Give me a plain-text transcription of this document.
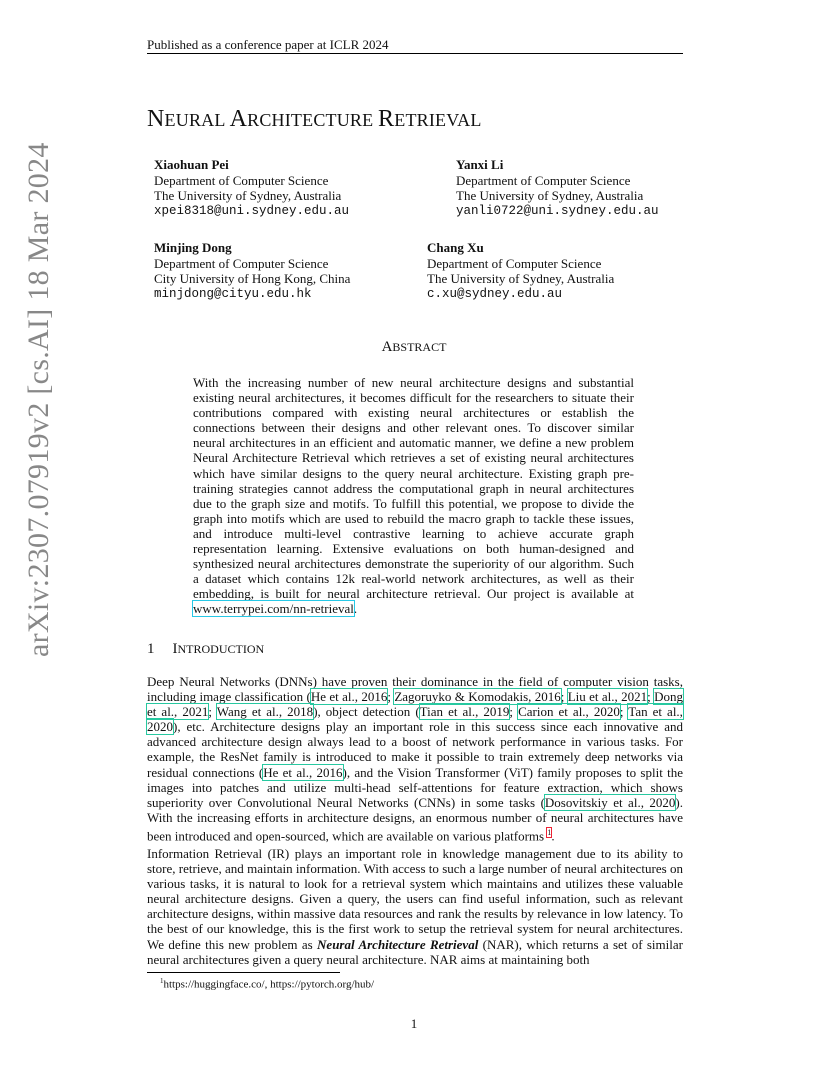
Published as a conference paper at ICLR 2024
arXiv:2307.07919v2 [cs.AI] 18 Mar 2024
NEURAL ARCHITECTURE RETRIEVAL
Xiaohuan Pei
Department of Computer Science
The University of Sydney, Australia
xpei8318@uni.sydney.edu.au
Yanxi Li
Department of Computer Science
The University of Sydney, Australia
yanli0722@uni.sydney.edu.au
Minjing Dong
Department of Computer Science
City University of Hong Kong, China
minjdong@cityu.edu.hk
Chang Xu
Department of Computer Science
The University of Sydney, Australia
c.xu@sydney.edu.au
ABSTRACT
With the increasing number of new neural architecture designs and substantial existing neural architectures, it becomes difficult for the researchers to situate their contributions compared with existing neural architectures or establish the connections between their designs and other relevant ones. To discover similar neural architectures in an efficient and automatic manner, we define a new problem Neural Architecture Retrieval which retrieves a set of existing neural architectures which have similar designs to the query neural architecture. Existing graph pre-training strategies cannot address the computational graph in neural architectures due to the graph size and motifs. To fulfill this potential, we propose to divide the graph into motifs which are used to rebuild the macro graph to tackle these issues, and introduce multi-level contrastive learning to achieve accurate graph representation learning. Extensive evaluations on both human-designed and synthesized neural architectures demonstrate the superiority of our algorithm. Such a dataset which contains 12k real-world network architectures, as well as their embedding, is built for neural architecture retrieval. Our project is available at www.terrypei.com/nn-retrieval.
1 INTRODUCTION
Deep Neural Networks (DNNs) have proven their dominance in the field of computer vision tasks, including image classification (He et al., 2016; Zagoruyko & Komodakis, 2016; Liu et al., 2021; Dong et al., 2021; Wang et al., 2018), object detection (Tian et al., 2019; Carion et al., 2020; Tan et al., 2020), etc. Architecture designs play an important role in this success since each innovative and advanced architecture design always lead to a boost of network performance in various tasks. For example, the ResNet family is introduced to make it possible to train extremely deep networks via residual connections (He et al., 2016), and the Vision Transformer (ViT) family proposes to split the images into patches and utilize multi-head self-attentions for feature extraction, which shows superiority over Convolutional Neural Networks (CNNs) in some tasks (Dosovitskiy et al., 2020). With the increasing efforts in architecture designs, an enormous number of neural architectures have been introduced and open-sourced, which are available on various platforms $^1$.
Information Retrieval (IR) plays an important role in knowledge management due to its ability to store, retrieve, and maintain information. With access to such a large number of neural architectures on various tasks, it is natural to look for a retrieval system which maintains and utilizes these valuable neural architecture designs. Given a query, the users can find useful information, such as relevant architecture designs, within massive data resources and rank the results by relevance in low latency. To the best of our knowledge, this is the first work to setup the retrieval system for neural architectures. We define this new problem as Neural Architecture Retrieval (NAR), which returns a set of similar neural architectures given a query neural architecture. NAR aims at maintaining both
$^1$https://huggingface.co/, https://pytorch.org/hub/
1
